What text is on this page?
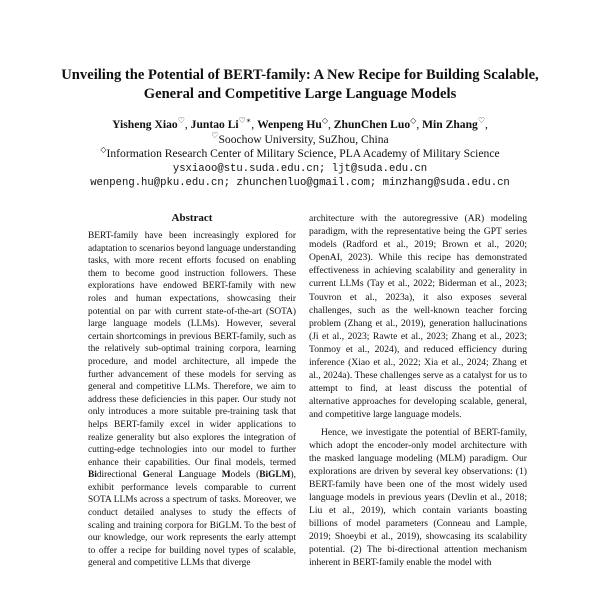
Unveiling the Potential of BERT-family: A New Recipe for Building Scalable, General and Competitive Large Language Models
Yisheng Xiao♡, Juntao Li♡∗, Wenpeng Hu◇, ZhunChen Luo◇, Min Zhang♡,
♡Soochow University, SuZhou, China
◇Information Research Center of Military Science, PLA Academy of Military Science
ysxiaoo@stu.suda.edu.cn; ljt@suda.edu.cn
wenpeng.hu@pku.edu.cn; zhunchenluo@gmail.com; minzhang@suda.edu.cn
Abstract
BERT-family have been increasingly explored for adaptation to scenarios beyond language understanding tasks, with more recent efforts focused on enabling them to become good instruction followers. These explorations have endowed BERT-family with new roles and human expectations, showcasing their potential on par with current state-of-the-art (SOTA) large language models (LLMs). However, several certain shortcomings in previous BERT-family, such as the relatively sub-optimal training corpora, learning procedure, and model architecture, all impede the further advancement of these models for serving as general and competitive LLMs. Therefore, we aim to address these deficiencies in this paper. Our study not only introduces a more suitable pre-training task that helps BERT-family excel in wider applications to realize generality but also explores the integration of cutting-edge technologies into our model to further enhance their capabilities. Our final models, termed Bidirectional General Language Models (BiGLM), exhibit performance levels comparable to current SOTA LLMs across a spectrum of tasks. Moreover, we conduct detailed analyses to study the effects of scaling and training corpora for BiGLM. To the best of our knowledge, our work represents the early attempt to offer a recipe for building novel types of scalable, general and competitive LLMs that diverge

architecture with the autoregressive (AR) modeling paradigm, with the representative being the GPT series models (Radford et al., 2019; Brown et al., 2020; OpenAI, 2023). While this recipe has demonstrated effectiveness in achieving scalability and generality in current LLMs (Tay et al., 2022; Biderman et al., 2023; Touvron et al., 2023a), it also exposes several challenges, such as the well-known teacher forcing problem (Zhang et al., 2019), generation hallucinations (Ji et al., 2023; Rawte et al., 2023; Zhang et al., 2023; Tonmoy et al., 2024), and reduced efficiency during inference (Xiao et al., 2022; Xia et al., 2024; Zhang et al., 2024a). These challenges serve as a catalyst for us to attempt to find, at least discuss the potential of alternative approaches for developing scalable, general, and competitive large language models.

Hence, we investigate the potential of BERT-family, which adopt the encoder-only model architecture with the masked language modeling (MLM) paradigm. Our explorations are driven by several key observations: (1) BERT-family have been one of the most widely used language models in previous years (Devlin et al., 2018; Liu et al., 2019), which contain variants boasting billions of model parameters (Conneau and Lample, 2019; Shoeybi et al., 2019), showcasing its scalability potential. (2) The bi-directional attention mechanism inherent in BERT-family enable the model with
